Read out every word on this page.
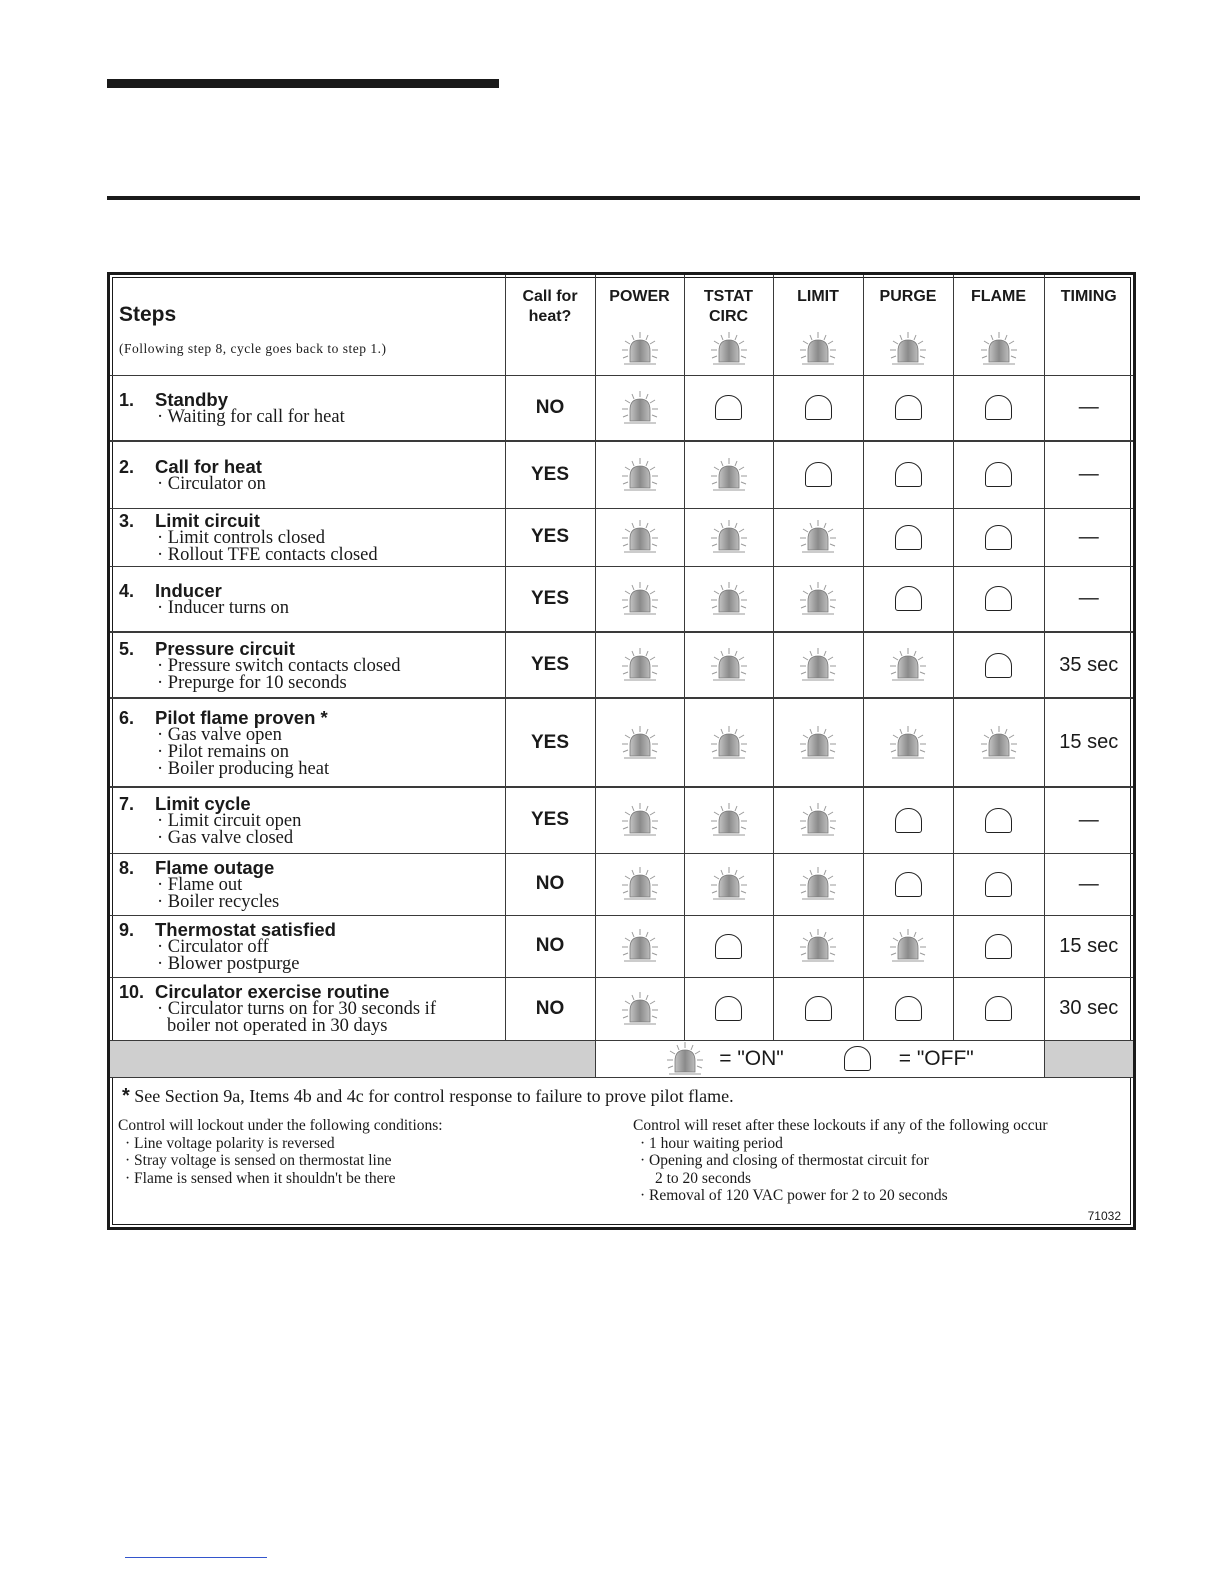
Steps
(Following step 8, cycle goes back to step 1.)	Call for heat?	POWER	TSTAT CIRC	LIMIT	PURGE	FLAME	TIMING

1. Standby
· Waiting for call for heat	NO						—

2. Call for heat
· Circulator on	YES						—

3. Limit circuit
· Limit controls closed
· Rollout TFE contacts closed	YES						—

4. Inducer
· Inducer turns on	YES						—

5. Pressure circuit
· Pressure switch contacts closed
· Prepurge for 10 seconds	YES						35 sec

6. Pilot flame proven *
· Gas valve open
· Pilot remains on
· Boiler producing heat	YES						15 sec

7. Limit cycle
· Limit circuit open
· Gas valve closed	YES						—

8. Flame outage
· Flame out
· Boiler recycles	NO						—

9. Thermostat satisfied
· Circulator off
· Blower postpurge	NO						15 sec

10. Circulator exercise routine
· Circulator turns on for 30 seconds if
boiler not operated in 30 days	NO						30 sec
		= "ON" = "OFF"					
* See Section 9a, Items 4b and 4c for control response to failure to prove pilot flame.
Control will lockout under the following conditions:
· Line voltage polarity is reversed
· Stray voltage is sensed on thermostat line
· Flame is sensed when it shouldn't be there
Control will reset after these lockouts if any of the following occur
· 1 hour waiting period
· Opening and closing of thermostat circuit for
2 to 20 seconds
· Removal of 120 VAC power for 2 to 20 seconds
71032
